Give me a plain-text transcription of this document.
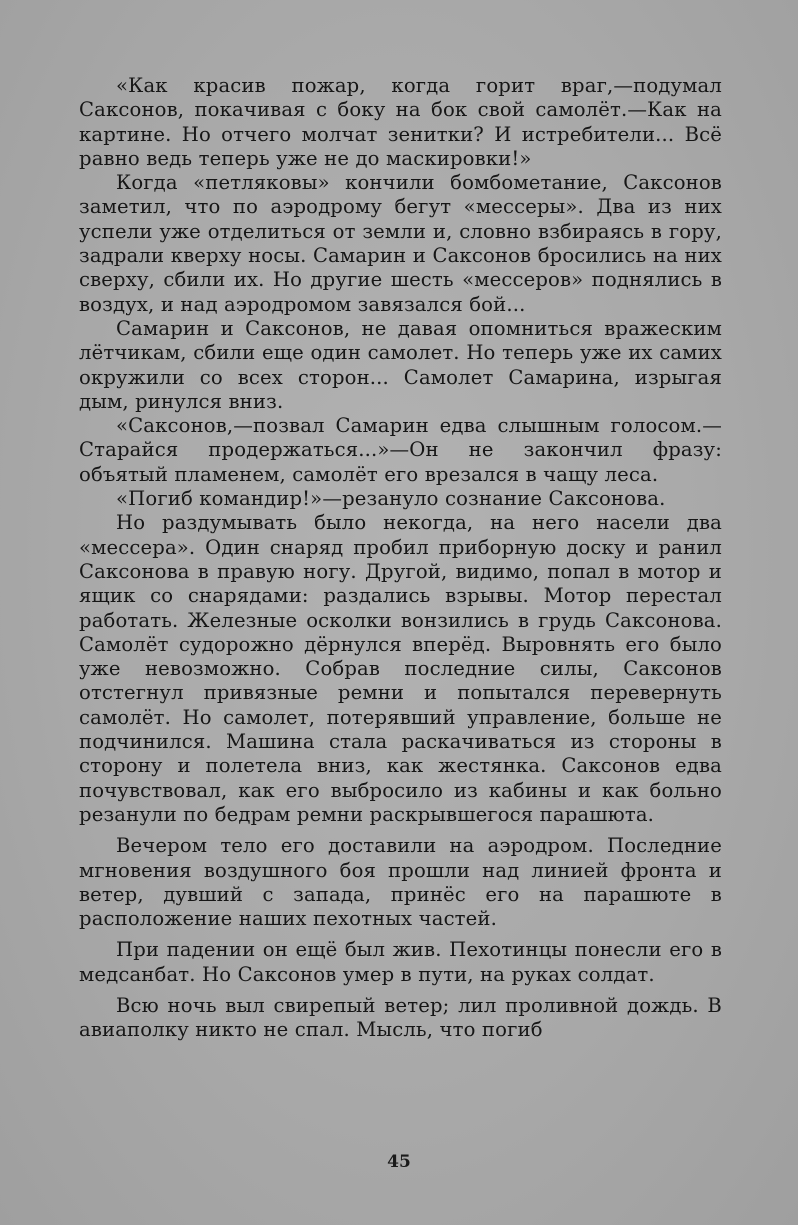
«Как красив пожар, когда горит враг,—подумал Саксонов, покачивая с боку на бок свой самолёт.—Как на картине. Но отчего молчат зенитки? И истребители... Всё равно ведь теперь уже не до маскировки!»

Когда «петляковы» кончили бомбометание, Саксонов заметил, что по аэродрому бегут «мессеры». Два из них успели уже отделиться от земли и, словно взбираясь в гору, задрали кверху носы. Самарин и Саксонов бросились на них сверху, сбили их. Но другие шесть «мессеров» поднялись в воздух, и над аэродромом завязался бой...

Самарин и Саксонов, не давая опомниться вражеским лётчикам, сбили еще один самолет. Но теперь уже их самих окружили со всех сторон... Самолет Самарина, изрыгая дым, ринулся вниз.

«Саксонов,—позвал Самарин едва слышным голосом.—Старайся продержаться...»—Он не закончил фразу: объятый пламенем, самолёт его врезался в чащу леса.

«Погиб командир!»—резануло сознание Саксонова.

Но раздумывать было некогда, на него насели два «мессера». Один снаряд пробил приборную доску и ранил Саксонова в правую ногу. Другой, видимо, попал в мотор и ящик со снарядами: раздались взрывы. Мотор перестал работать. Железные осколки вонзились в грудь Саксонова. Самолёт судорожно дёрнулся вперёд. Выровнять его было уже невозможно. Собрав последние силы, Саксонов отстегнул привязные ремни и попытался перевернуть самолёт. Но самолет, потерявший управление, больше не подчинился. Машина стала раскачиваться из стороны в сторону и полетела вниз, как жестянка. Саксонов едва почувствовал, как его выбросило из кабины и как больно резанули по бедрам ремни раскрывшегося парашюта.

Вечером тело его доставили на аэродром. Последние мгновения воздушного боя прошли над линией фронта и ветер, дувший с запада, принёс его на парашюте в расположение наших пехотных частей.

При падении он ещё был жив. Пехотинцы понесли его в медсанбат. Но Саксонов умер в пути, на руках солдат.

Всю ночь выл свирепый ветер; лил проливной дождь. В авиаполку никто не спал. Мысль, что погиб

45
